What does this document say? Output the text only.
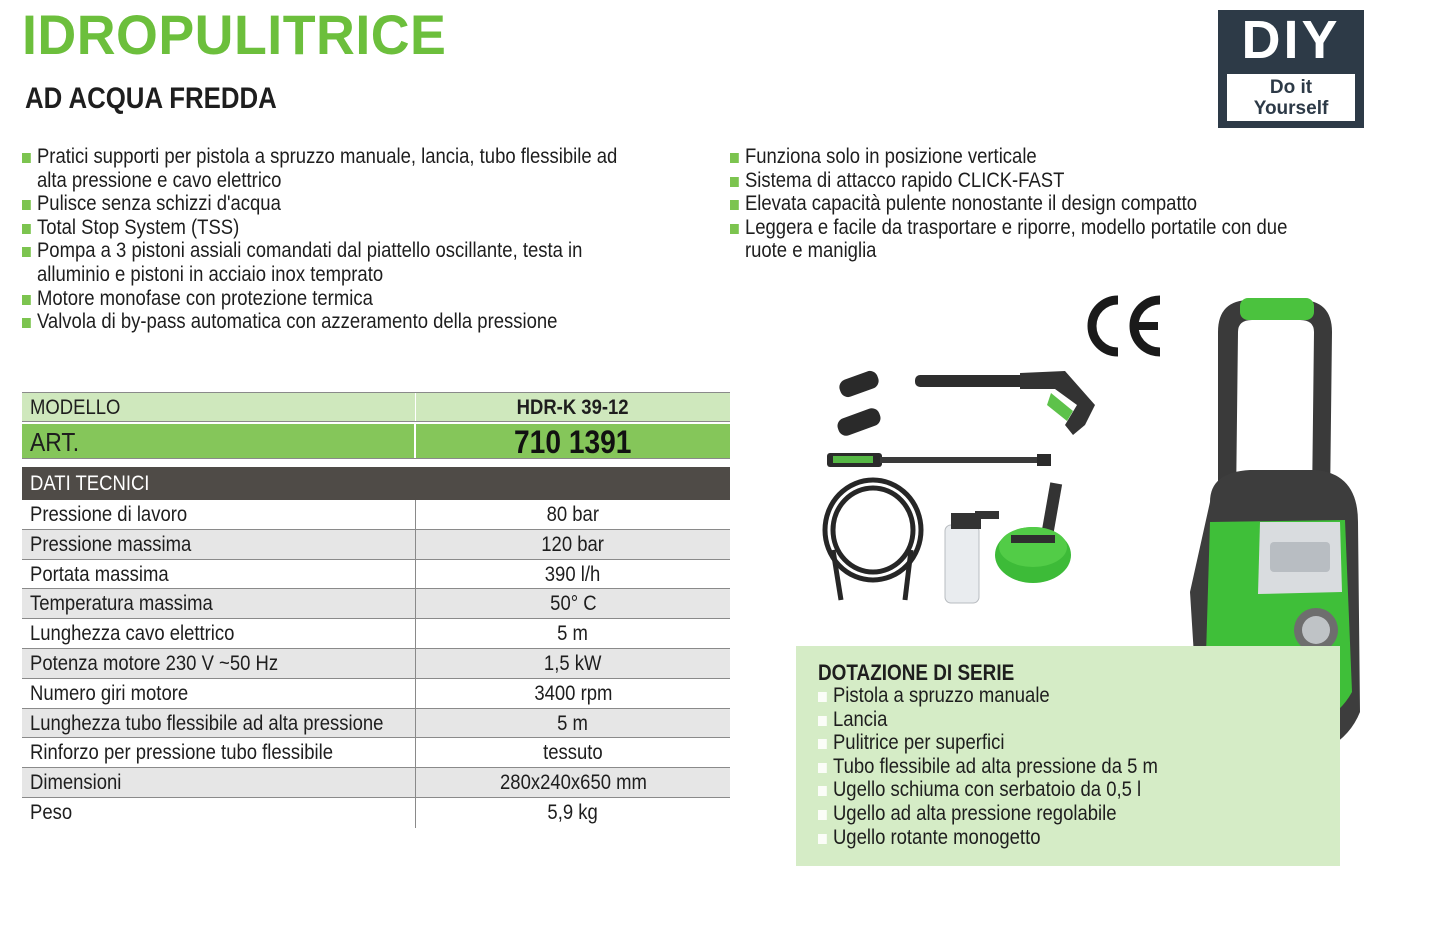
IDROPULITRICE
AD ACQUA FREDDA
DIY
Do it
Yourself
Pratici supporti per pistola a spruzzo manuale, lancia, tubo flessibile ad
alta pressione e cavo elettrico
Pulisce senza schizzi d'acqua
Total Stop System (TSS)
Pompa a 3 pistoni assiali comandati dal piattello oscillante, testa in
alluminio e pistoni in acciaio inox temprato
Motore monofase con protezione termica
Valvola di by-pass automatica con azzeramento della pressione
Funziona solo in posizione verticale
Sistema di attacco rapido CLICK-FAST
Elevata capacità pulente nonostante il design compatto
Leggera e facile da trasportare e riporre, modello portatile con due
ruote e maniglia
MODELLO	HDR-K 39-12
ART.	710 1391
DATI TECNICI
Pressione di lavoro	80 bar
Pressione massima	120 bar
Portata massima	390 l/h
Temperatura massima	50° C
Lunghezza cavo elettrico	5 m
Potenza motore 230 V ~50 Hz	1,5 kW
Numero giri motore	3400 rpm
Lunghezza tubo flessibile ad alta pressione	5 m
Rinforzo per pressione tubo flessibile	tessuto
Dimensioni	280x240x650 mm
Peso	5,9 kg
DOTAZIONE DI SERIE
Pistola a spruzzo manuale
Lancia
Pulitrice per superfici
Tubo flessibile ad alta pressione da 5 m
Ugello schiuma con serbatoio da 0,5 l
Ugello ad alta pressione regolabile
Ugello rotante monogetto
